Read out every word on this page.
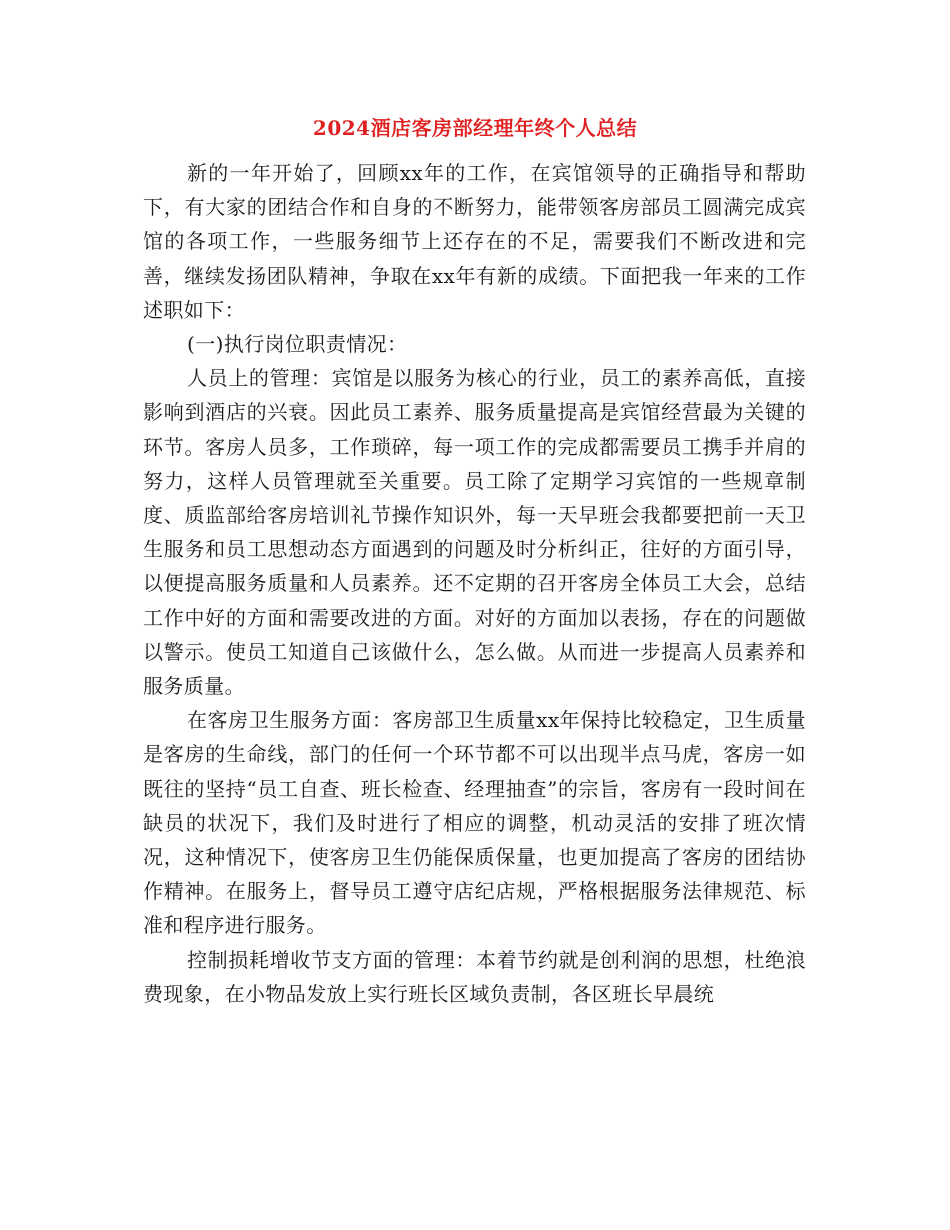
2024酒店客房部经理年终个人总结

新的一年开始了，回顾xx年的工作，在宾馆领导的正确指导和帮助下，有大家的团结合作和自身的不断努力，能带领客房部员工圆满完成宾馆的各项工作，一些服务细节上还存在的不足，需要我们不断改进和完善，继续发扬团队精神，争取在xx年有新的成绩。下面把我一年来的工作述职如下：

(一)执行岗位职责情况：

人员上的管理：宾馆是以服务为核心的行业，员工的素养高低，直接影响到酒店的兴衰。因此员工素养、服务质量提高是宾馆经营最为关键的环节。客房人员多，工作琐碎，每一项工作的完成都需要员工携手并肩的努力，这样人员管理就至关重要。员工除了定期学习宾馆的一些规章制度、质监部给客房培训礼节操作知识外，每一天早班会我都要把前一天卫生服务和员工思想动态方面遇到的问题及时分析纠正，往好的方面引导，以便提高服务质量和人员素养。还不定期的召开客房全体员工大会，总结工作中好的方面和需要改进的方面。对好的方面加以表扬，存在的问题做以警示。使员工知道自己该做什么，怎么做。从而进一步提高人员素养和服务质量。

在客房卫生服务方面：客房部卫生质量xx年保持比较稳定，卫生质量是客房的生命线，部门的任何一个环节都不可以出现半点马虎，客房一如既往的坚持“员工自查、班长检查、经理抽查”的宗旨，客房有一段时间在缺员的状况下，我们及时进行了相应的调整，机动灵活的安排了班次情况，这种情况下，使客房卫生仍能保质保量，也更加提高了客房的团结协作精神。在服务上，督导员工遵守店纪店规，严格根据服务法律规范、标准和程序进行服务。

控制损耗增收节支方面的管理：本着节约就是创利润的思想，杜绝浪费现象，在小物品发放上实行班长区域负责制，各区班长早晨统
